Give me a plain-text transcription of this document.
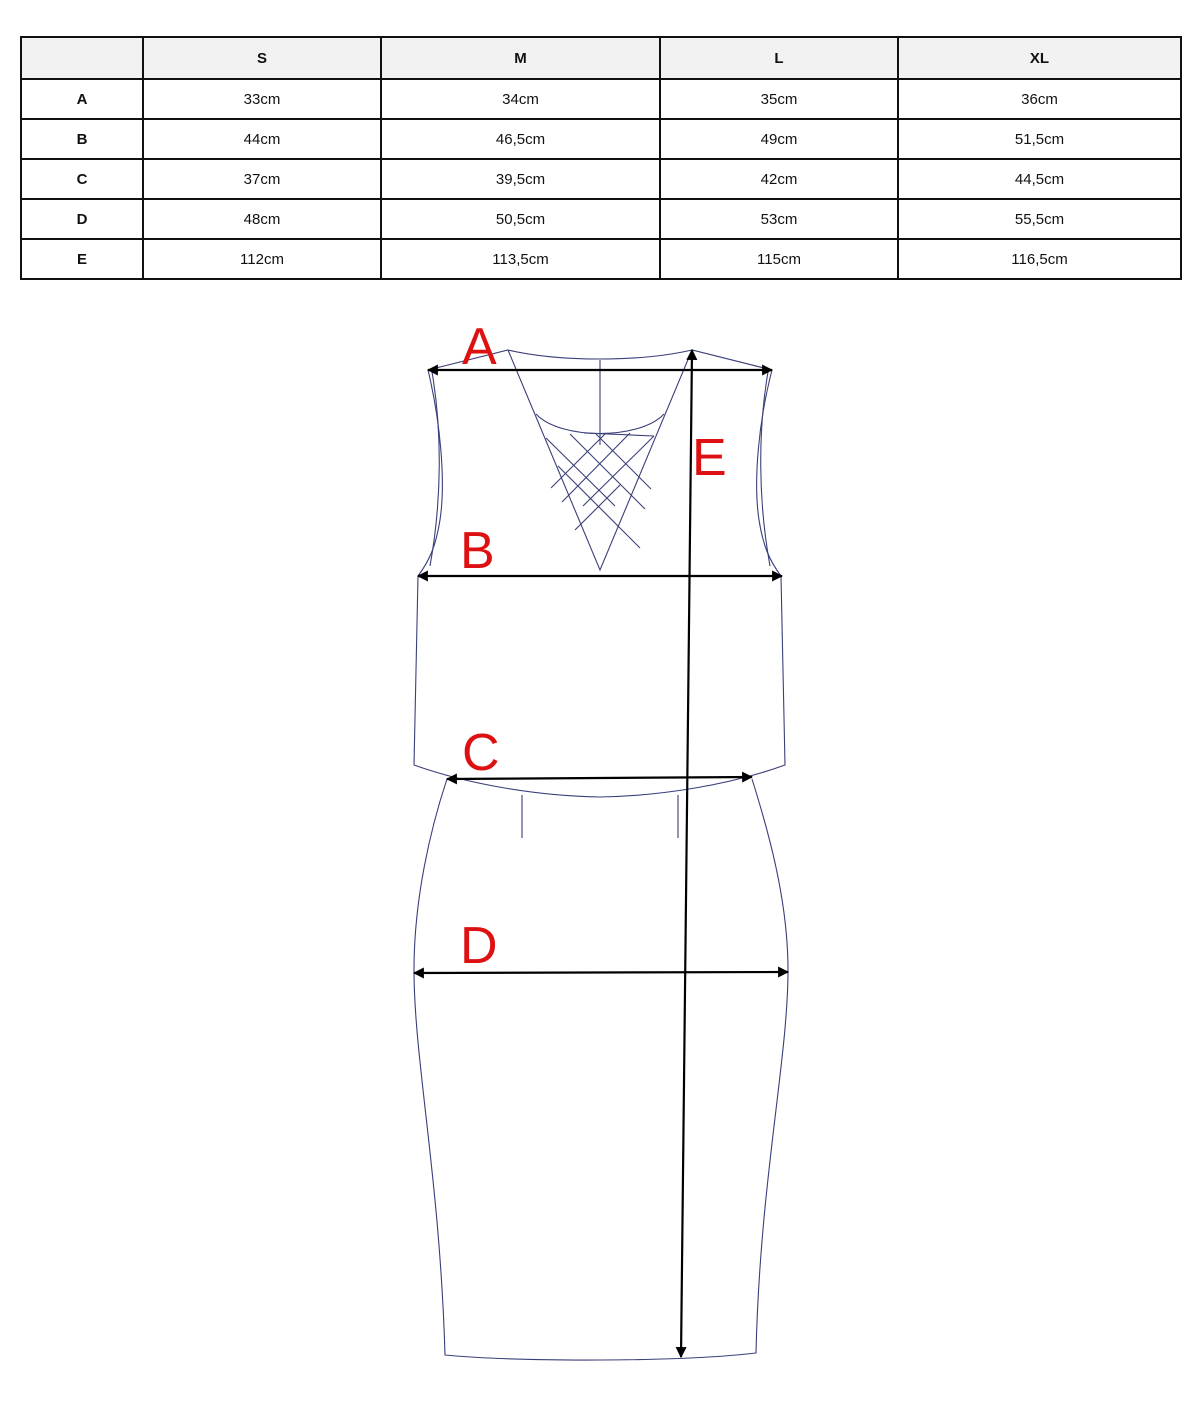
	S	M	L	XL
A	33cm	34cm	35cm	36cm
B	44cm	46,5cm	49cm	51,5cm
C	37cm	39,5cm	42cm	44,5cm
D	48cm	50,5cm	53cm	55,5cm
E	112cm	113,5cm	115cm	116,5cm
A
B
C
D
E
